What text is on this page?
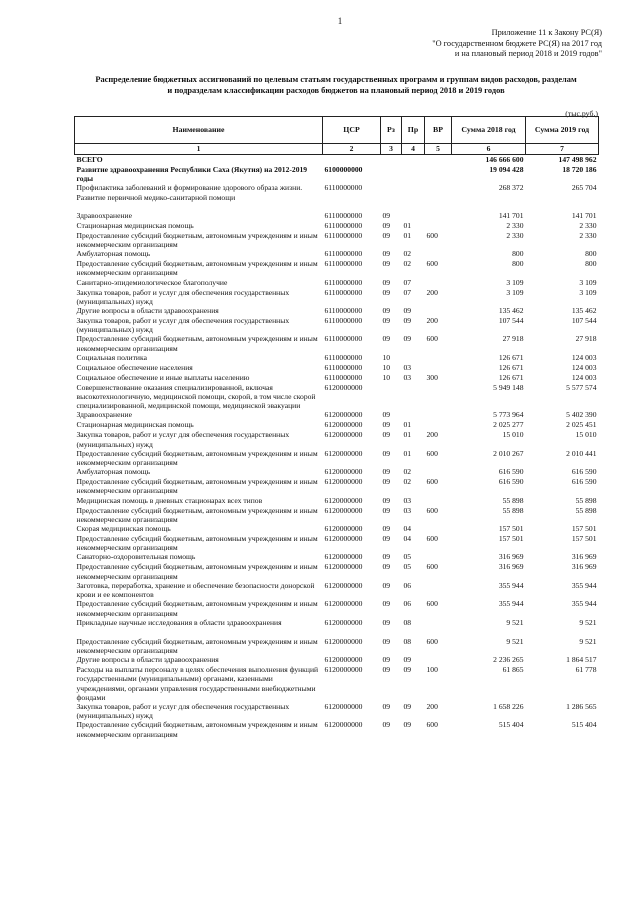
1
Приложение 11 к Закону РС(Я)
"О государственном бюджете РС(Я) на 2017 год
и на плановый период 2018 и 2019 годов"
Распределение бюджетных ассигнований по целевым статьям государственных программ и группам видов расходов, разделам
и подразделам классификации расходов бюджетов на плановый период 2018 и 2019 годов
(тыс.руб.)
Наименование	ЦСР	Рз	Пр	ВР	Сумма 2018 год	Сумма 2019 год
1	2	3	4	5	6	7
ВСЕГО					146 666 600	147 498 962
Развитие здравоохранения Республики Саха (Якутия) на 2012-2019 годы	6100000000				19 094 428	18 720 186
Профилактика заболеваний и формирование здорового образа жизни. Развитие первичной медико-санитарной помощи	6110000000				268 372	265 704

Здравоохранение	6110000000	09			141 701	141 701
Стационарная медицинская помощь	6110000000	09	01		2 330	2 330
Предоставление субсидий бюджетным, автономным учреждениям и иным некоммерческим организациям	6110000000	09	01	600	2 330	2 330
Амбулаторная помощь	6110000000	09	02		800	800
Предоставление субсидий бюджетным, автономным учреждениям и иным некоммерческим организациям	6110000000	09	02	600	800	800
Санитарно-эпидемиологическое благополучие	6110000000	09	07		3 109	3 109
Закупка товаров, работ и услуг для обеспечения государственных (муниципальных) нужд	6110000000	09	07	200	3 109	3 109
Другие вопросы в области здравоохранения	6110000000	09	09		135 462	135 462
Закупка товаров, работ и услуг для обеспечения государственных (муниципальных) нужд	6110000000	09	09	200	107 544	107 544
Предоставление субсидий бюджетным, автономным учреждениям и иным некоммерческим организациям	6110000000	09	09	600	27 918	27 918
Социальная политика	6110000000	10			126 671	124 003
Социальное обеспечение населения	6110000000	10	03		126 671	124 003
Социальное обеспечение и иные выплаты населению	6110000000	10	03	300	126 671	124 003
Совершенствование оказания специализированной, включая высокотехнологичную, медицинской помощи, скорой, в том числе скорой специализированной, медицинской помощи, медицинской эвакуации	6120000000				5 949 148	5 577 574
Здравоохранение	6120000000	09			5 773 964	5 402 390
Стационарная медицинская помощь	6120000000	09	01		2 025 277	2 025 451
Закупка товаров, работ и услуг для обеспечения государственных (муниципальных) нужд	6120000000	09	01	200	15 010	15 010
Предоставление субсидий бюджетным, автономным учреждениям и иным некоммерческим организациям	6120000000	09	01	600	2 010 267	2 010 441
Амбулаторная помощь	6120000000	09	02		616 590	616 590
Предоставление субсидий бюджетным, автономным учреждениям и иным некоммерческим организациям	6120000000	09	02	600	616 590	616 590
Медицинская помощь в дневных стационарах всех типов	6120000000	09	03		55 898	55 898
Предоставление субсидий бюджетным, автономным учреждениям и иным некоммерческим организациям	6120000000	09	03	600	55 898	55 898
Скорая медицинская помощь	6120000000	09	04		157 501	157 501
Предоставление субсидий бюджетным, автономным учреждениям и иным некоммерческим организациям	6120000000	09	04	600	157 501	157 501
Санаторно-оздоровительная помощь	6120000000	09	05		316 969	316 969
Предоставление субсидий бюджетным, автономным учреждениям и иным некоммерческим организациям	6120000000	09	05	600	316 969	316 969
Заготовка, переработка, хранение и обеспечение безопасности донорской крови и ее компонентов	6120000000	09	06		355 944	355 944
Предоставление субсидий бюджетным, автономным учреждениям и иным некоммерческим организациям	6120000000	09	06	600	355 944	355 944
Прикладные научные исследования в области здравоохранения	6120000000	09	08		9 521	9 521

Предоставление субсидий бюджетным, автономным учреждениям и иным некоммерческим организациям	6120000000	09	08	600	9 521	9 521
Другие вопросы в области здравоохранения	6120000000	09	09		2 236 265	1 864 517
Расходы на выплаты персоналу в целях обеспечения выполнения функций государственными (муниципальными) органами, казенными учреждениями, органами управления государственными внебюджетными фондами	6120000000	09	09	100	61 865	61 778
Закупка товаров, работ и услуг для обеспечения государственных (муниципальных) нужд	6120000000	09	09	200	1 658 226	1 286 565
Предоставление субсидий бюджетным, автономным учреждениям и иным некоммерческим организациям	6120000000	09	09	600	515 404	515 404
